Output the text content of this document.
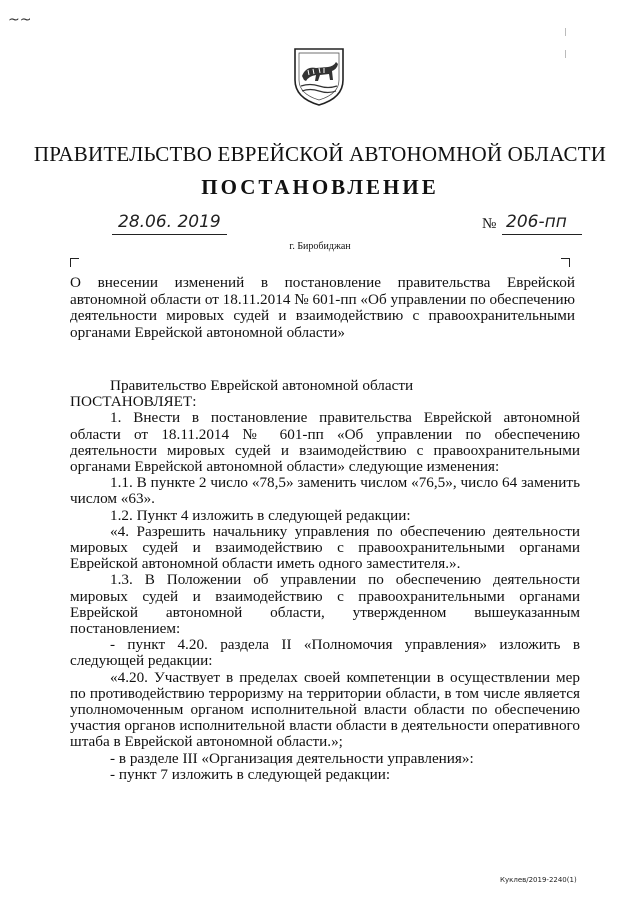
~~
ПРАВИТЕЛЬСТВО ЕВРЕЙСКОЙ АВТОНОМНОЙ ОБЛАСТИ
ПОСТАНОВЛЕНИЕ
28.06. 2019	№ 206-пп
г. Биробиджан
О внесении изменений в постановление правительства Еврейской автономной области от 18.11.2014 № 601-пп «Об управлении по обеспечению деятельности мировых судей и взаимодействию с правоохранительными органами Еврейской автономной области»

Правительство Еврейской автономной области

ПОСТАНОВЛЯЕТ:

1. Внести в постановление правительства Еврейской автономной области от 18.11.2014 № 601-пп «Об управлении по обеспечению деятельности мировых судей и взаимодействию с правоохранительными органами Еврейской автономной области» следующие изменения:

1.1. В пункте 2 число «78,5» заменить числом «76,5», число 64 заменить числом «63».

1.2. Пункт 4 изложить в следующей редакции:

«4. Разрешить начальнику управления по обеспечению деятельности мировых судей и взаимодействию с правоохранительными органами Еврейской автономной области иметь одного заместителя.».

1.3. В Положении об управлении по обеспечению деятельности мировых судей и взаимодействию с правоохранительными органами Еврейской автономной области, утвержденном вышеуказанным постановлением:

- пункт 4.20. раздела II «Полномочия управления» изложить в следующей редакции:

«4.20. Участвует в пределах своей компетенции в осуществлении мер по противодействию терроризму на территории области, в том числе является уполномоченным органом исполнительной власти области по обеспечению участия органов исполнительной власти области в деятельности оперативного штаба в Еврейской автономной области.»;

- в разделе III «Организация деятельности управления»:

- пункт 7 изложить в следующей редакции:

Куклев/2019-2240(1)
